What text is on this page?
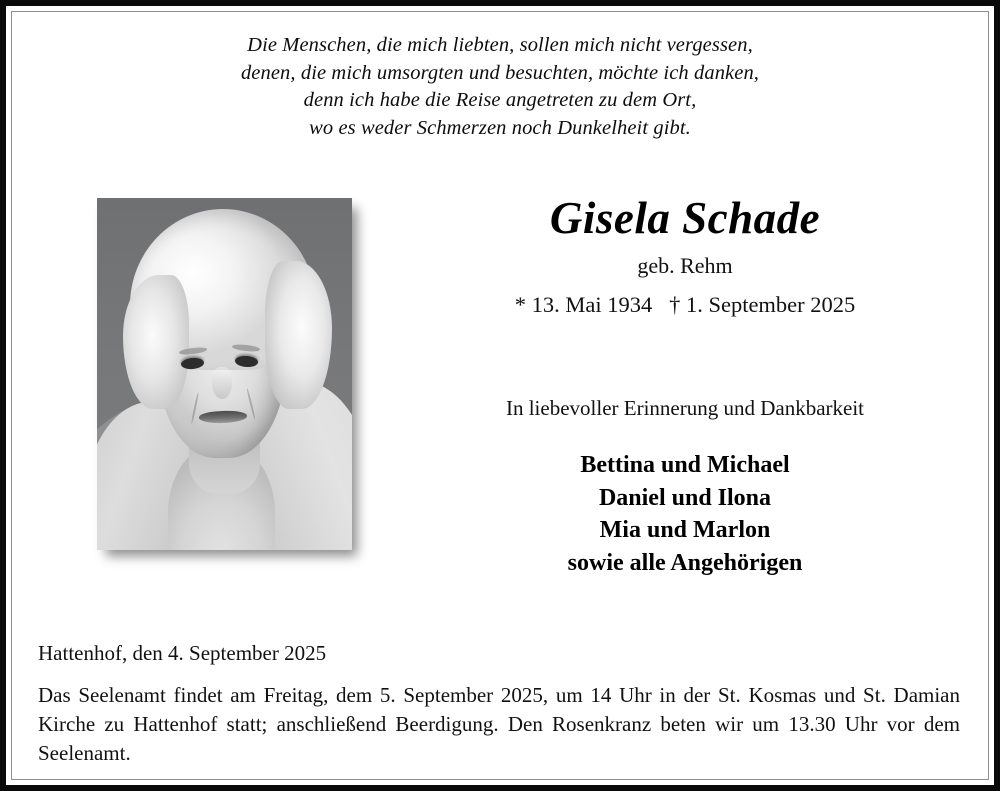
Die Menschen, die mich liebten, sollen mich nicht vergessen,
denen, die mich umsorgten und besuchten, möchte ich danken,
denn ich habe die Reise angetreten zu dem Ort,
wo es weder Schmerzen noch Dunkelheit gibt.
Gisela Schade
geb. Rehm
* 13. Mai 1934   † 1. September 2025
In liebevoller Erinnerung und Dankbarkeit
Bettina und Michael
Daniel und Ilona
Mia und Marlon
sowie alle Angehörigen
Hattenhof, den 4. September 2025
Das Seelenamt findet am Freitag, dem 5. September 2025, um 14 Uhr in der St. Kosmas und St. Damian Kirche zu Hattenhof statt; anschließend Beerdigung. Den Rosenkranz beten wir um 13.30 Uhr vor dem Seelenamt.
